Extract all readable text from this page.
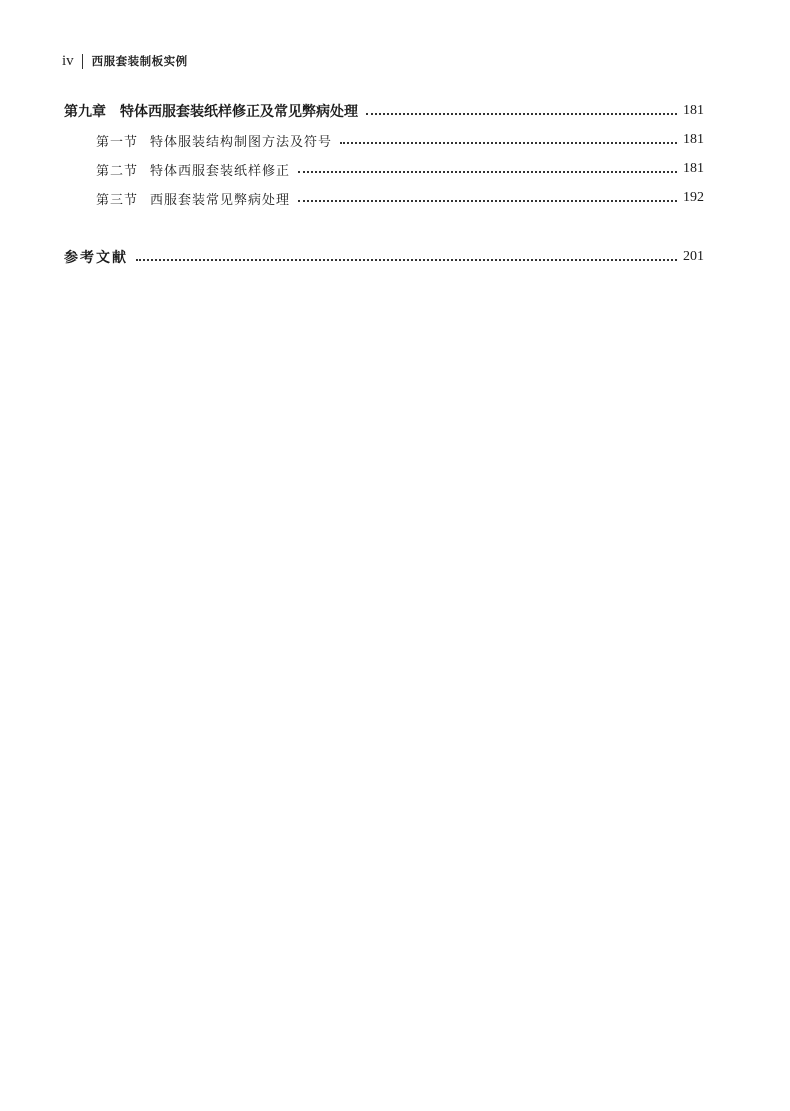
iv 西服套装制板实例
第九章 特体西服套装纸样修正及常见弊病处理	181
第一节 特体服装结构制图方法及符号	181
第二节 特体西服套装纸样修正	181
第三节 西服套装常见弊病处理	192
参考文献	201
